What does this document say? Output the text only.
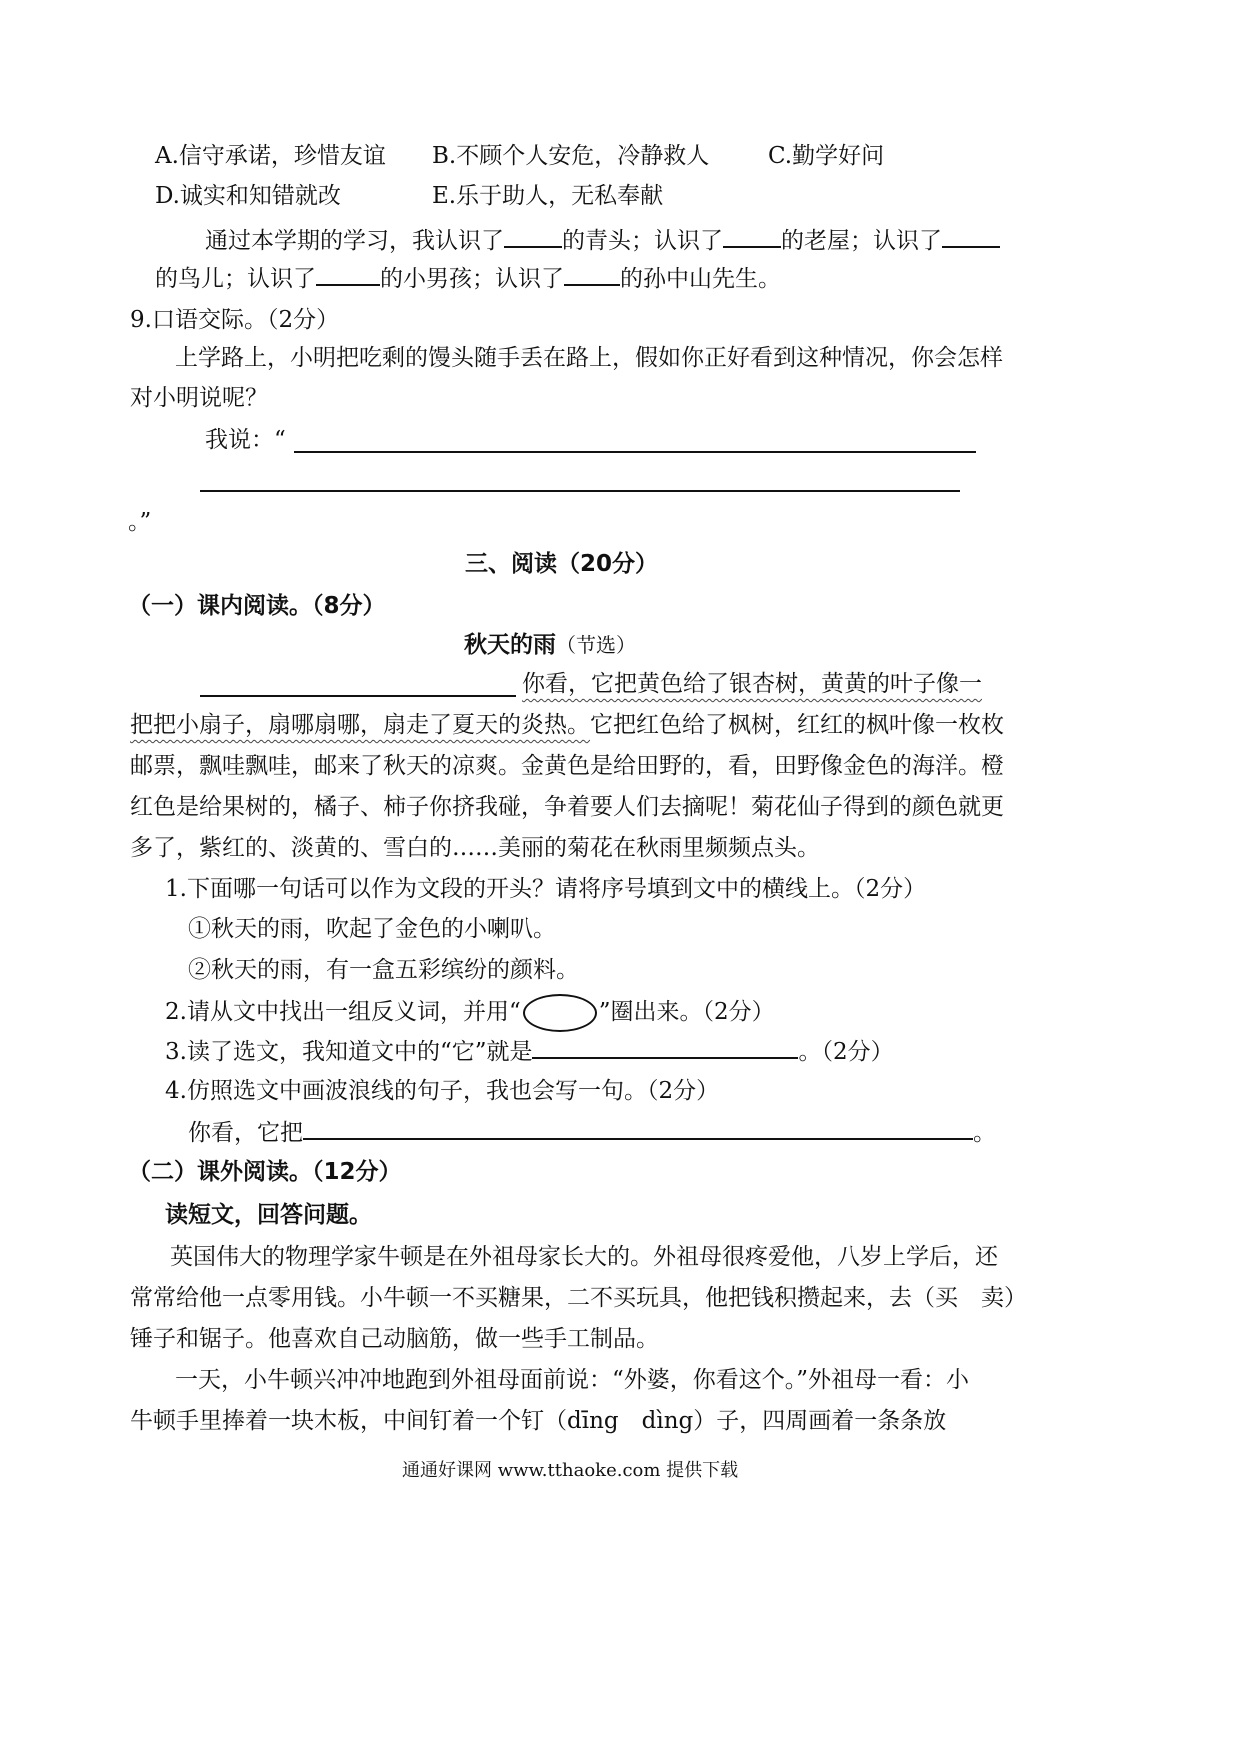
A.信守承诺，珍惜友谊 B.不顾个人安危，冷静救人	C.勤学好问
D.诚实和知错就改	E.乐于助人，无私奉献
通过本学期的学习，我认识了	的青头；认识了	的老屋；认识了
的鸟儿；认识了	的小男孩；认识了 的孙中山先生。
9.口语交际。（2分）
上学路上，小明把吃剩的馒头随手丢在路上，假如你正好看到这种情况，你会怎样
对小明说呢？
我说：“
。”
三、阅读（20分）
（一）课内阅读。（8分）
秋天的雨（节选）
你看，它把黄色给了银杏树，黄黄的叶子像一
把把小扇子，扇哪扇哪，扇走了夏天的炎热。它把红色给了枫树，红红的枫叶像一枚枚
邮票，飘哇飘哇，邮来了秋天的凉爽。金黄色是给田野的，看，田野像金色的海洋。橙
红色是给果树的，橘子、柿子你挤我碰，争着要人们去摘呢！菊花仙子得到的颜色就更
多了，紫红的、淡黄的、雪白的……美丽的菊花在秋雨里频频点头。
1.下面哪一句话可以作为文段的开头？请将序号填到文中的横线上。（2分）
①秋天的雨，吹起了金色的小喇叭。
②秋天的雨，有一盒五彩缤纷的颜料。
2.请从文中找出一组反义词，并用“	”圈出来。（2分）
3.读了选文，我知道文中的“它”就是	。（2分）
4.仿照选文中画波浪线的句子，我也会写一句。（2分）
你看，它把	。
（二）课外阅读。（12分）
读短文，回答问题。
英国伟大的物理学家牛顿是在外祖母家长大的。外祖母很疼爱他，八岁上学后，还
常常给他一点零用钱。小牛顿一不买糖果，二不买玩具，他把钱积攒起来，去（买　卖）
锤子和锯子。他喜欢自己动脑筋，做一些手工制品。
一天，小牛顿兴冲冲地跑到外祖母面前说：“外婆，你看这个。”外祖母一看：小
牛顿手里捧着一块木板，中间钉着一个钉（dīng　dìng）子，四周画着一条条放
通通好课网 www.tthaoke.com 提供下载
